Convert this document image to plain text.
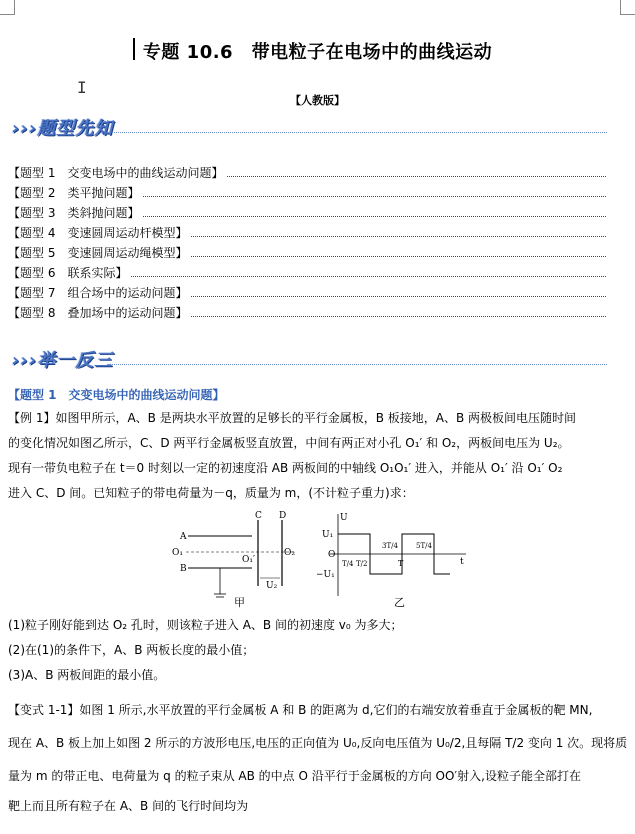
专题 10.6　带电粒子在电场中的曲线运动
I
【人教版】
›››题型先知
【题型 1　交变电场中的曲线运动问题】
【题型 2　类平抛问题】
【题型 3　类斜抛问题】
【题型 4　变速圆周运动杆模型】
【题型 5　变速圆周运动绳模型】
【题型 6　联系实际】
【题型 7　组合场中的运动问题】
【题型 8　叠加场中的运动问题】
›››举一反三
【题型 1　交变电场中的曲线运动问题】
【例 1】如图甲所示，A、B 是两块水平放置的足够长的平行金属板，B 板接地，A、B 两极板间电压随时间
的变化情况如图乙所示，C、D 两平行金属板竖直放置，中间有两正对小孔 O₁′ 和 O₂，两板间电压为 U₂。
现有一带负电粒子在 t＝0 时刻以一定的初速度沿 AB 两板间的中轴线 O₁O₁′ 进入，并能从 O₁′ 沿 O₁′ O₂
进入 C、D 间。已知粒子的带电荷量为－q，质量为 m，(不计粒子重力)求：
A
B
C D
O₁
O₁′
O₂
U₂
甲
U
U₁
O
−U₁
t
T/4 T/2
3T/4
T
5T/4
乙
(1)粒子刚好能到达 O₂ 孔时，则该粒子进入 A、B 间的初速度 v₀ 为多大；
(2)在(1)的条件下，A、B 两板长度的最小值；
(3)A、B 两板间距的最小值。
【变式 1-1】如图 1 所示,水平放置的平行金属板 A 和 B 的距离为 d,它们的右端安放着垂直于金属板的靶 MN,
现在 A、B 板上加上如图 2 所示的方波形电压,电压的正向值为 U₀,反向电压值为 U₀/2,且每隔 T/2 变向 1 次。现将质
量为 m 的带正电、电荷量为 q 的粒子束从 AB 的中点 O 沿平行于金属板的方向 OO′射入,设粒子能全部打在
靶上而且所有粒子在 A、B 间的飞行时间均为
